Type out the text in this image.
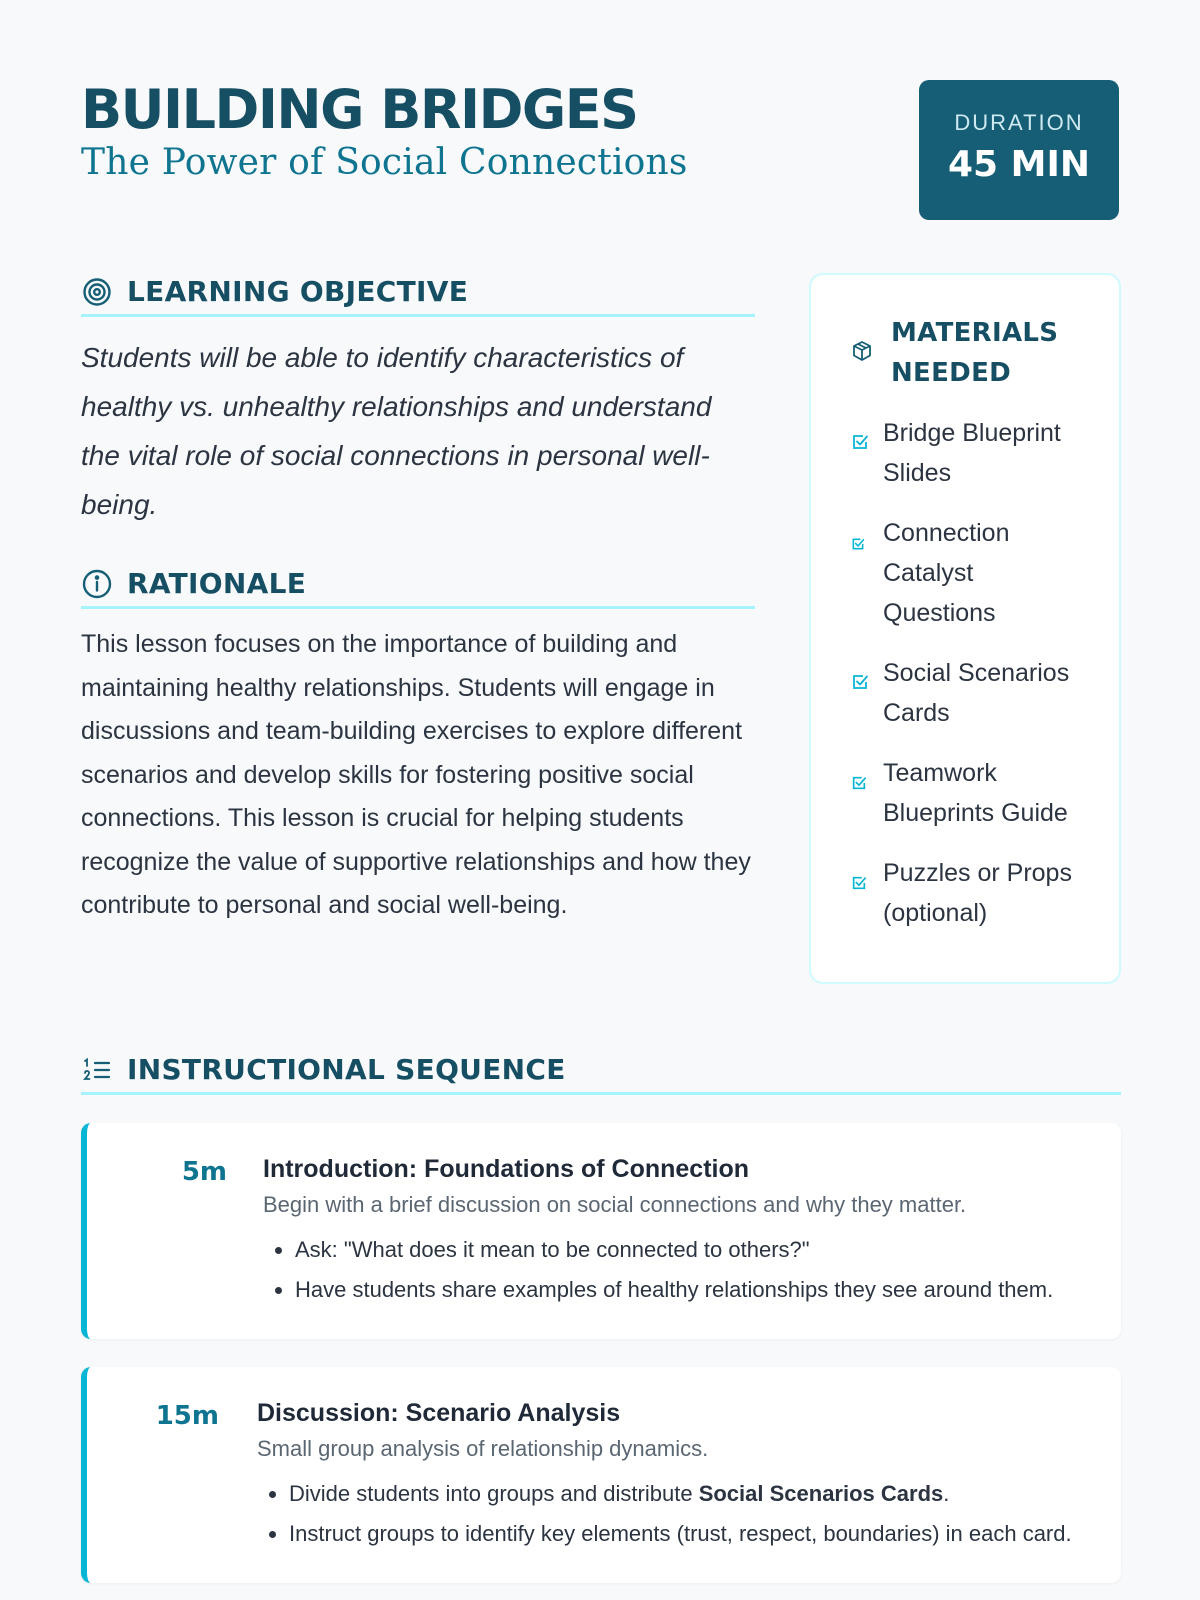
BUILDING BRIDGES
The Power of Social Connections
DURATION
45 MIN
LEARNING OBJECTIVE

Students will be able to identify characteristics of healthy vs. unhealthy relationships and understand the vital role of social connections in personal well-being.

RATIONALE

This lesson focuses on the importance of building and maintaining healthy relationships. Students will engage in discussions and team-building exercises to explore different scenarios and develop skills for fostering positive social connections. This lesson is crucial for helping students recognize the value of supportive relationships and how they contribute to personal and social well-being.

MATERIALS NEEDED
Bridge Blueprint Slides
Connection Catalyst Questions
Social Scenarios Cards
Teamwork Blueprints Guide
Puzzles or Props (optional)
INSTRUCTIONAL SEQUENCE
5m Introduction: Foundations of Connection
Begin with a brief discussion on social connections and why they matter.
• Ask: "What does it mean to be connected to others?"
• Have students share examples of healthy relationships they see around them.
15m Discussion: Scenario Analysis
Small group analysis of relationship dynamics.
• Divide students into groups and distribute Social Scenarios Cards.
• Instruct groups to identify key elements (trust, respect, boundaries) in each card.
